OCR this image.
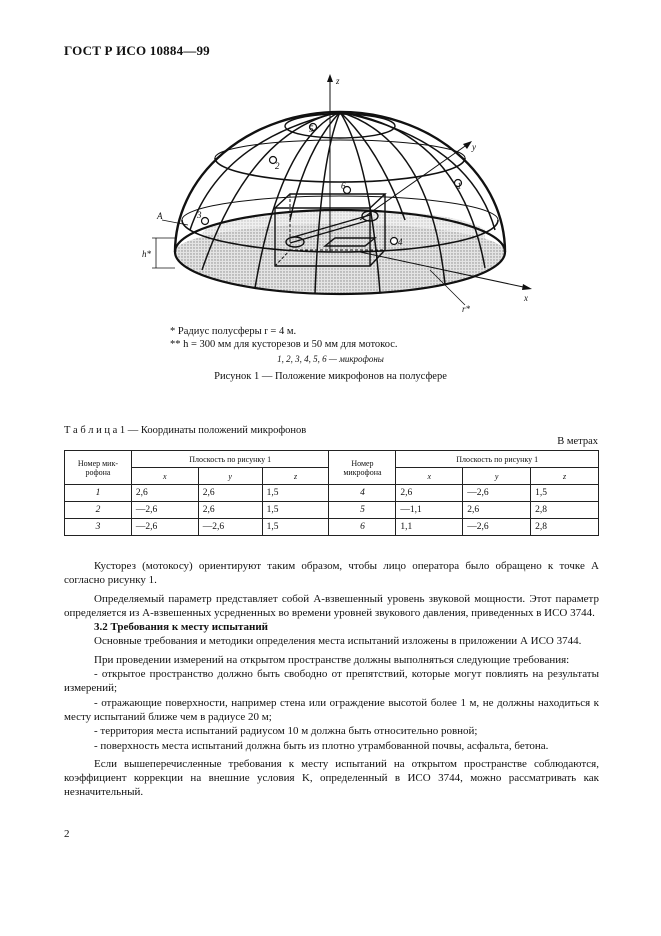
ГОСТ Р ИСО 10884—99
z
y
x
A
h*
r*
5
2
3
4
6	1
* Радиус полусферы r = 4 м.
** h = 300 мм для кусторезов и 50 мм для мотокос.
1, 2, 3, 4, 5, 6 — микрофоны
Рисунок 1 — Положение микрофонов на полусфере
Т а б л и ц а 1 — Координаты положений микрофонов
В метрах
Номер мик-рофона	Плоскость по рисунку 1			Номер микрофона	Плоскость по рисунку 1		
	x	y	z		x	y	z
1	2,6	2,6	1,5	4	2,6	—2,6	1,5
2	—2,6	2,6	1,5	5	—1,1	2,6	2,8
3	—2,6	—2,6	1,5	6	1,1	—2,6	2,8

Кусторез (мотокосу) ориентируют таким образом, чтобы лицо оператора было обращено к точке A согласно рисунку 1.

Определяемый параметр представляет собой A-взвешенный уровень звуковой мощности. Этот параметр определяется из A-взвешенных усредненных во времени уровней звукового давления, приведенных в ИСО 3744.

3.2 Требования к месту испытаний

Основные требования и методики определения места испытаний изложены в приложении А ИСО 3744.

При проведении измерений на открытом пространстве должны выполняться следующие требования:

- открытое пространство должно быть свободно от препятствий, которые могут повлиять на результаты измерений;

- отражающие поверхности, например стена или ограждение высотой более 1 м, не должны находиться к месту испытаний ближе чем в радиусе 20 м;

- территория места испытаний радиусом 10 м должна быть относительно ровной;

- поверхность места испытаний должна быть из плотно утрамбованной почвы, асфальта, бетона.

Если вышеперечисленные требования к месту испытаний на открытом пространстве соблюдаются, коэффициент коррекции на внешние условия K, определенный в ИСО 3744, можно рассматривать как незначительный.

2
